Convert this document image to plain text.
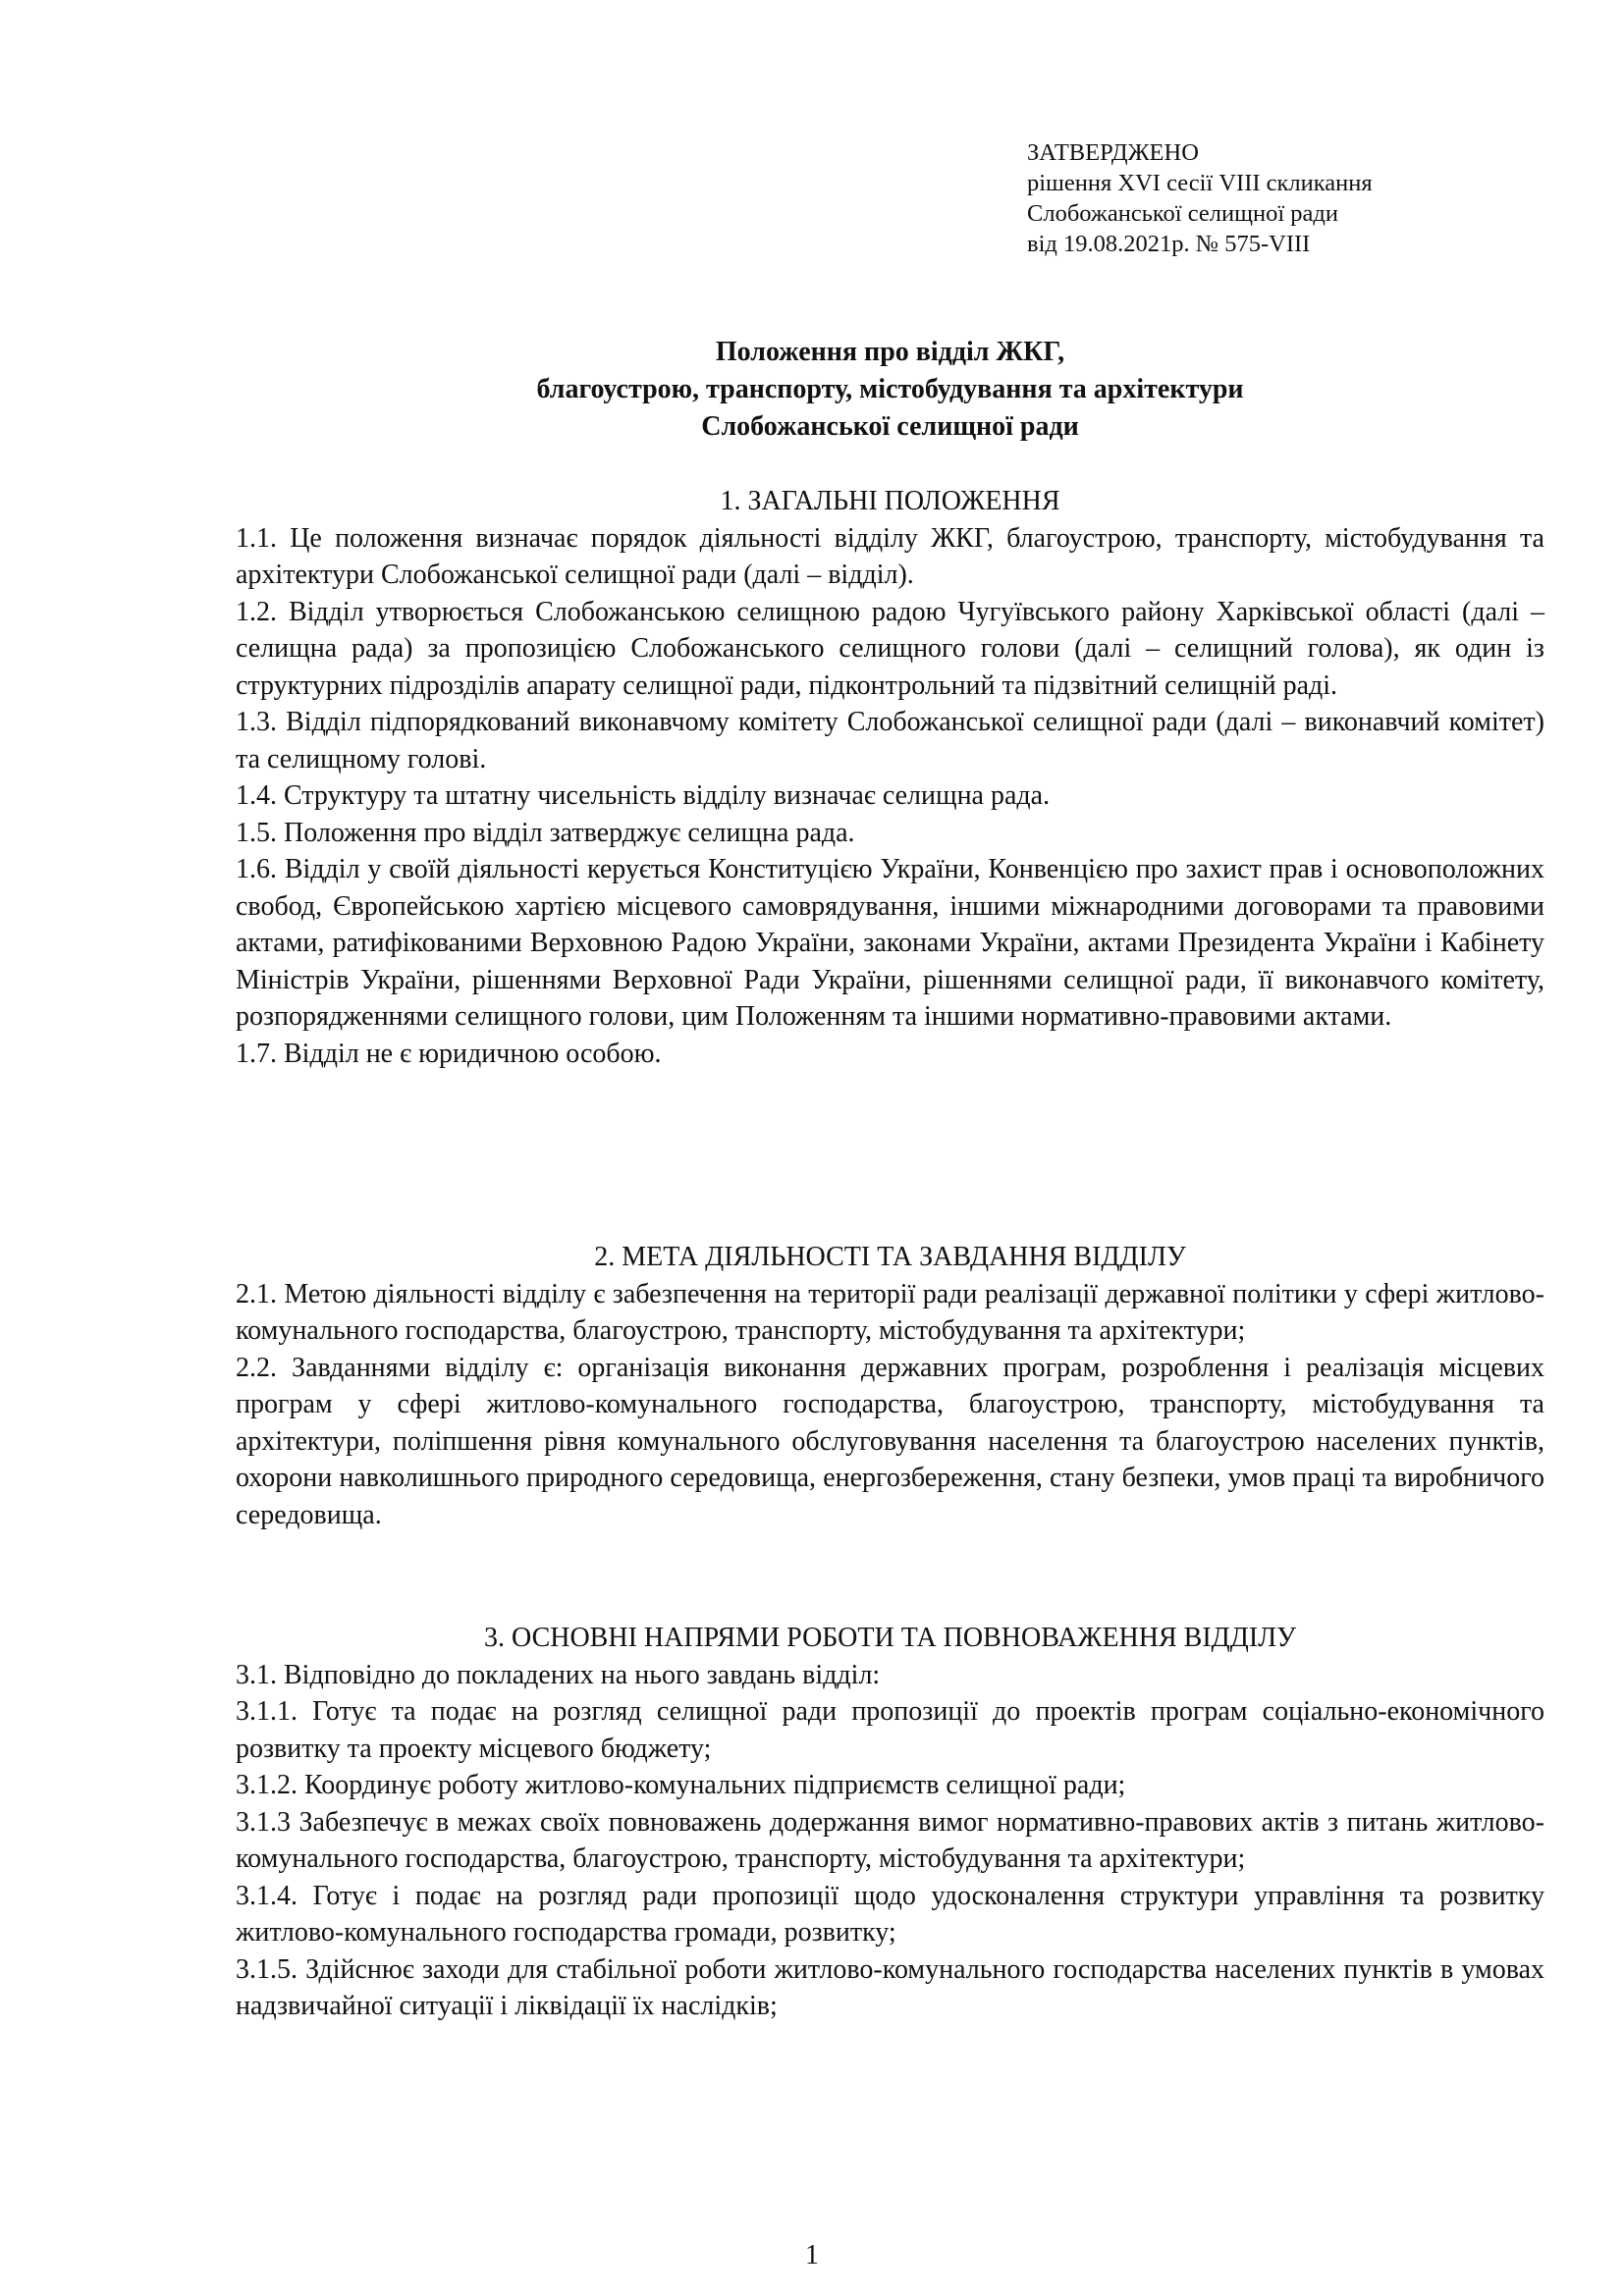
ЗАТВЕРДЖЕНО
рішення XVI сесії VIII скликання
Слобожанської селищної ради
від 19.08.2021р. № 575-VIII
Положення про відділ ЖКГ,
благоустрою, транспорту, містобудування та архітектури
Слобожанської селищної ради
1. ЗАГАЛЬНІ ПОЛОЖЕННЯ
1.1. Це положення визначає порядок діяльності відділу ЖКГ, благоустрою, транспорту, містобудування та архітектури Слобожанської селищної ради (далі – відділ).
1.2. Відділ утворюється Слобожанською селищною радою Чугуївського району Харківської області (далі – селищна рада) за пропозицією Слобожанського селищного голови (далі – селищний голова), як один із структурних підрозділів апарату селищної ради, підконтрольний та підзвітний селищній раді.
1.3. Відділ підпорядкований виконавчому комітету Слобожанської селищної ради (далі – виконавчий комітет) та селищному голові.
1.4. Структуру та штатну чисельність відділу визначає селищна рада.
1.5. Положення про відділ затверджує селищна рада.
1.6. Відділ у своїй діяльності керується Конституцією України, Конвенцією про захист прав і основоположних свобод, Європейською хартією місцевого самоврядування, іншими міжнародними договорами та правовими актами, ратифікованими Верховною Радою України, законами України, актами Президента України і Кабінету Міністрів України, рішеннями Верховної Ради України, рішеннями селищної ради, її виконавчого комітету, розпорядженнями селищного голови, цим Положенням та іншими нормативно-правовими актами.
1.7. Відділ не є юридичною особою.
2. МЕТА ДІЯЛЬНОСТІ ТА ЗАВДАННЯ ВІДДІЛУ
2.1. Метою діяльності відділу є забезпечення на території ради реалізації державної політики у сфері житлово-комунального господарства, благоустрою, транспорту, містобудування та архітектури;
2.2. Завданнями відділу є: організація виконання державних програм, розроблення і реалізація місцевих програм у сфері житлово-комунального господарства, благоустрою, транспорту, містобудування та архітектури, поліпшення рівня комунального обслуговування населення та благоустрою населених пунктів, охорони навколишнього природного середовища, енергозбереження, стану безпеки, умов праці та виробничого середовища.
3. ОСНОВНІ НАПРЯМИ РОБОТИ ТА ПОВНОВАЖЕННЯ ВІДДІЛУ
3.1. Відповідно до покладених на нього завдань відділ:
3.1.1. Готує та подає на розгляд селищної ради пропозиції до проектів програм соціально-економічного розвитку та проекту місцевого бюджету;
3.1.2. Координує роботу житлово-комунальних підприємств селищної ради;
3.1.3 Забезпечує в межах своїх повноважень додержання вимог нормативно-правових актів з питань житлово-комунального господарства, благоустрою, транспорту, містобудування та архітектури;
3.1.4. Готує і подає на розгляд ради пропозиції щодо удосконалення структури управління та розвитку житлово-комунального господарства громади, розвитку;
3.1.5. Здійснює заходи для стабільної роботи житлово-комунального господарства населених пунктів в умовах надзвичайної ситуації і ліквідації їх наслідків;
1
